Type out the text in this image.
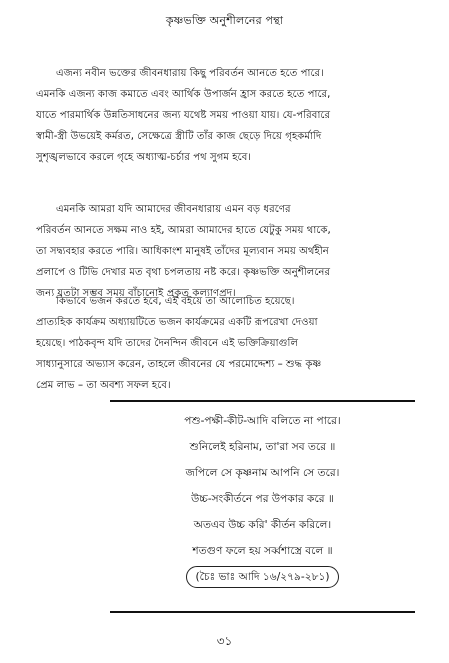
কৃষ্ণভক্তি অনুশীলনের পন্থা

এজন্য নবীন ভক্তের জীবনধারায় কিছু পরিবর্তন আনতে হতে পারে।
এমনকি এজন্য কাজ কমাতে এবং আর্থিক উপার্জন হ্রাস করতে হতে পারে,
যাতে পারমার্থিক উন্নতিসাধনের জন্য যথেষ্ট সময় পাওয়া যায়। যে-পরিবারে
স্বামী-স্ত্রী উভয়েই কর্মরত, সেক্ষেত্রে স্ত্রীটি তাঁর কাজ ছেড়ে দিয়ে গৃহকর্মাদি
সুশৃঙ্খলভাবে করলে গৃহে অধ্যাত্ম-চর্চার পথ সুগম হবে।

এমনকি আমরা যদি আমাদের জীবনধারায় এমন বড় ধরণের
পরিবর্তন আনতে সক্ষম নাও হই, আমরা আমাদের হাতে যেটুকু সময় থাকে,
তা সদ্ব্যবহার করতে পারি। আধিকাংশ মানুষই তাঁদের মূল্যবান সময় অর্থহীন
প্রলাপে ও টিভি দেখার মত বৃথা চপলতায় নষ্ট করে। কৃষ্ণভক্তি অনুশীলনের
জন্য যতটা সম্ভব সময় বাঁচানোই প্রকৃত কল্যাণপ্রদ।

কিভাবে ভজন করতে হবে, এই বইয়ে তা আলোচিত হয়েছে।
প্রাত্যহিক কার্যক্রম অধ্যায়টিতে ভজন কার্যক্রমের একটি রূপরেখা দেওয়া
হয়েছে। পাঠকবৃন্দ যদি তাদের দৈনন্দিন জীবনে এই ভক্তিক্রিয়াগুলি
সাধ্যানুসারে অভ্যাস করেন, তাহলে জীবনের যে পরমোদ্দেশ্য – শুদ্ধ কৃষ্ণ
প্রেম লাভ – তা অবশ্য সফল হবে।

পশু-পক্ষী-কীট-আদি বলিতে না পারে।
শুনিলেই হরিনাম, তা'রা সব তরে ॥
জপিলে সে কৃষ্ণনাম আপনি সে তরে।
উচ্চ-সংকীর্তনে পর উপকার করে ॥
অতএব উচ্চ করি' কীর্তন করিলে।
শতগুণ ফলে হয় সর্ব্বশাস্ত্রে বলে ॥
(চৈঃ ভাঃ আদি ১৬/২৭৯-২৮১)
৩১
